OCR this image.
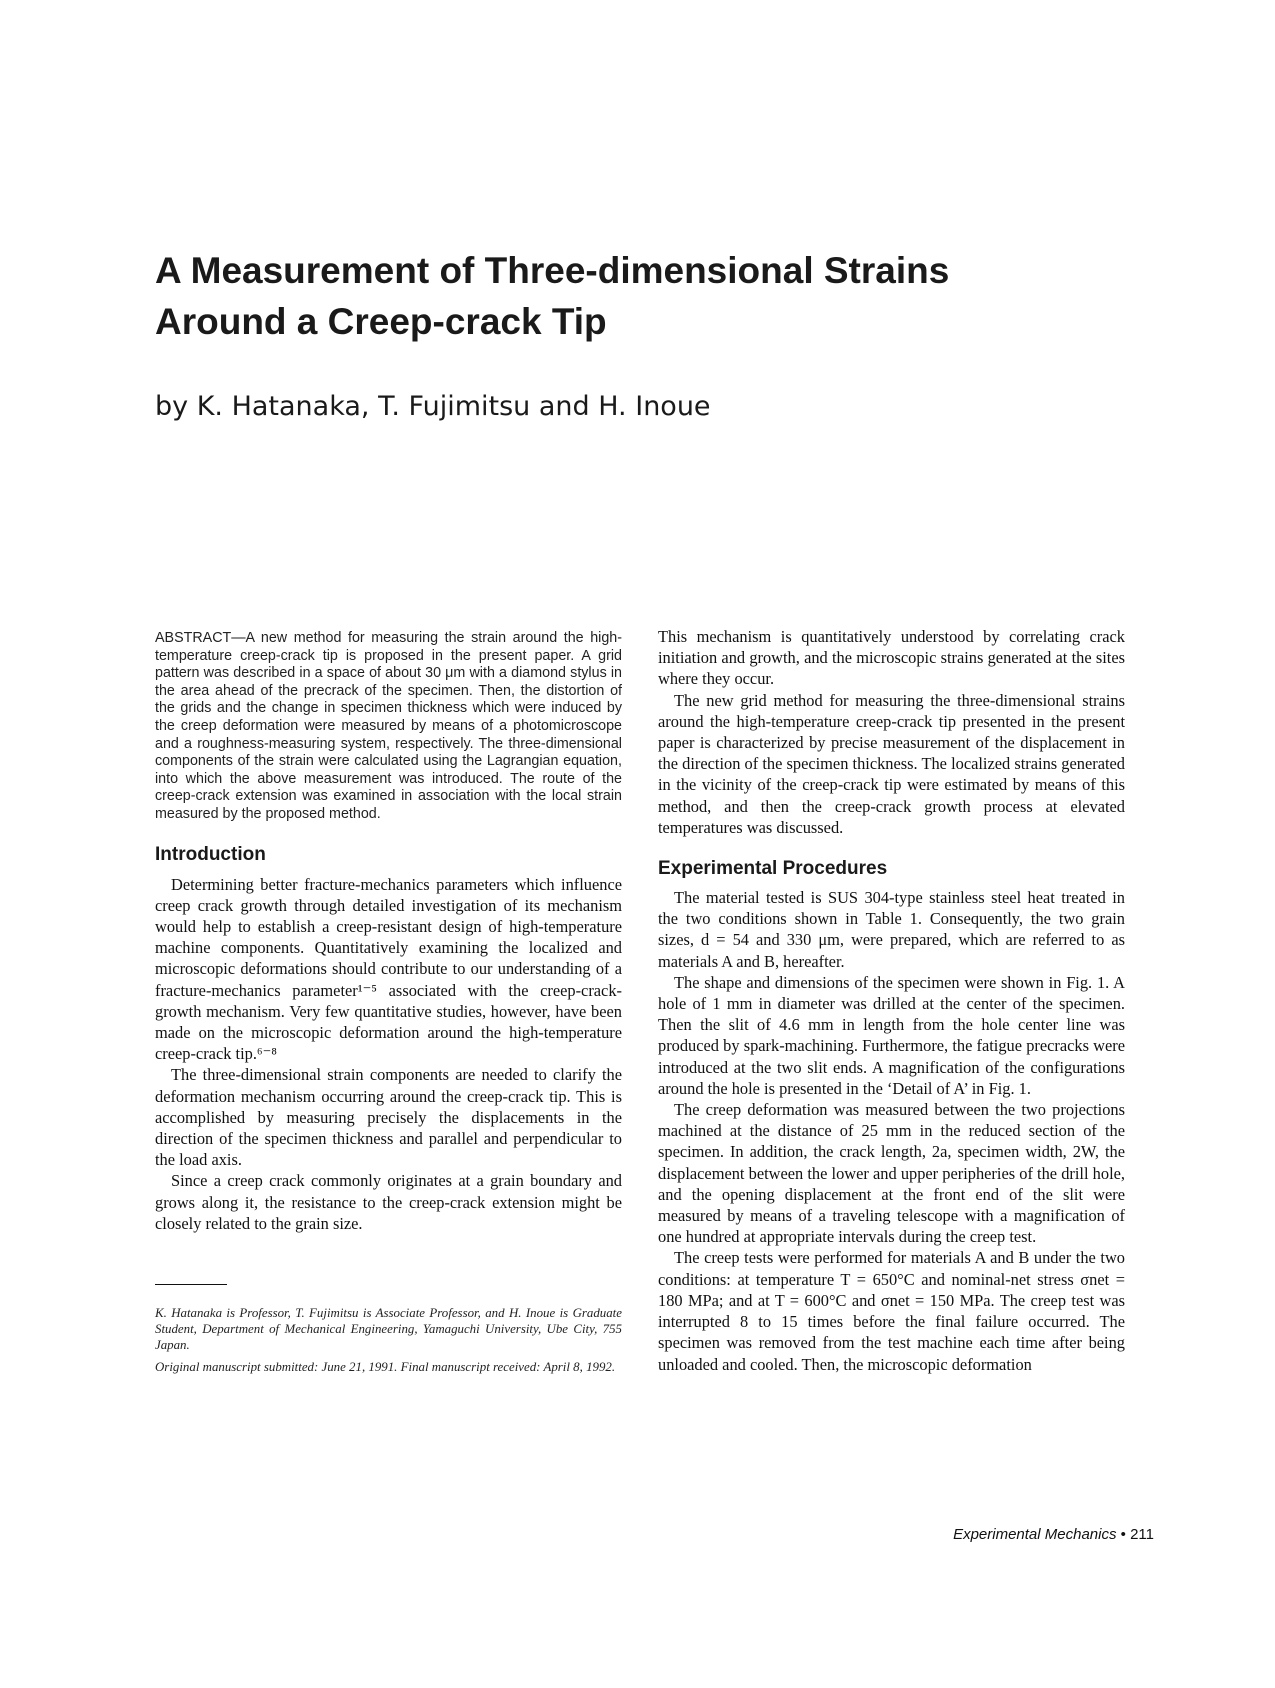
A Measurement of Three-dimensional Strains
Around a Creep-crack Tip

by K. Hatanaka, T. Fujimitsu and H. Inoue

ABSTRACT—A new method for measuring the strain around the high-temperature creep-crack tip is proposed in the present paper. A grid pattern was described in a space of about 30 μm with a diamond stylus in the area ahead of the precrack of the specimen. Then, the distortion of the grids and the change in specimen thickness which were induced by the creep deformation were measured by means of a photomicroscope and a roughness-measuring system, respectively. The three-dimensional components of the strain were calculated using the Lagrangian equation, into which the above measurement was introduced. The route of the creep-crack extension was examined in association with the local strain measured by the proposed method.

Introduction

Determining better fracture-mechanics parameters which influence creep crack growth through detailed investigation of its mechanism would help to establish a creep-resistant design of high-temperature machine components. Quantitatively examining the localized and microscopic deformations should contribute to our understanding of a fracture-mechanics parameter¹⁻⁵ associated with the creep-crack-growth mechanism. Very few quantitative studies, however, have been made on the microscopic deformation around the high-temperature creep-crack tip.⁶⁻⁸

The three-dimensional strain components are needed to clarify the deformation mechanism occurring around the creep-crack tip. This is accomplished by measuring precisely the displacements in the direction of the specimen thickness and parallel and perpendicular to the load axis.

Since a creep crack commonly originates at a grain boundary and grows along it, the resistance to the creep-crack extension might be closely related to the grain size.

K. Hatanaka is Professor, T. Fujimitsu is Associate Professor, and H. Inoue is Graduate Student, Department of Mechanical Engineering, Yamaguchi University, Ube City, 755 Japan.

Original manuscript submitted: June 21, 1991. Final manuscript received: April 8, 1992.

This mechanism is quantitatively understood by correlating crack initiation and growth, and the microscopic strains generated at the sites where they occur.

The new grid method for measuring the three-dimensional strains around the high-temperature creep-crack tip presented in the present paper is characterized by precise measurement of the displacement in the direction of the specimen thickness. The localized strains generated in the vicinity of the creep-crack tip were estimated by means of this method, and then the creep-crack growth process at elevated temperatures was discussed.

Experimental Procedures

The material tested is SUS 304-type stainless steel heat treated in the two conditions shown in Table 1. Consequently, the two grain sizes, d = 54 and 330 μm, were prepared, which are referred to as materials A and B, hereafter.

The shape and dimensions of the specimen were shown in Fig. 1. A hole of 1 mm in diameter was drilled at the center of the specimen. Then the slit of 4.6 mm in length from the hole center line was produced by spark-machining. Furthermore, the fatigue precracks were introduced at the two slit ends. A magnification of the configurations around the hole is presented in the ‘Detail of A’ in Fig. 1.

The creep deformation was measured between the two projections machined at the distance of 25 mm in the reduced section of the specimen. In addition, the crack length, 2a, specimen width, 2W, the displacement between the lower and upper peripheries of the drill hole, and the opening displacement at the front end of the slit were measured by means of a traveling telescope with a magnification of one hundred at appropriate intervals during the creep test.

The creep tests were performed for materials A and B under the two conditions: at temperature T = 650°C and nominal-net stress σnet = 180 MPa; and at T = 600°C and σnet = 150 MPa. The creep test was interrupted 8 to 15 times before the final failure occurred. The specimen was removed from the test machine each time after being unloaded and cooled. Then, the microscopic deformation

Experimental Mechanics • 211
